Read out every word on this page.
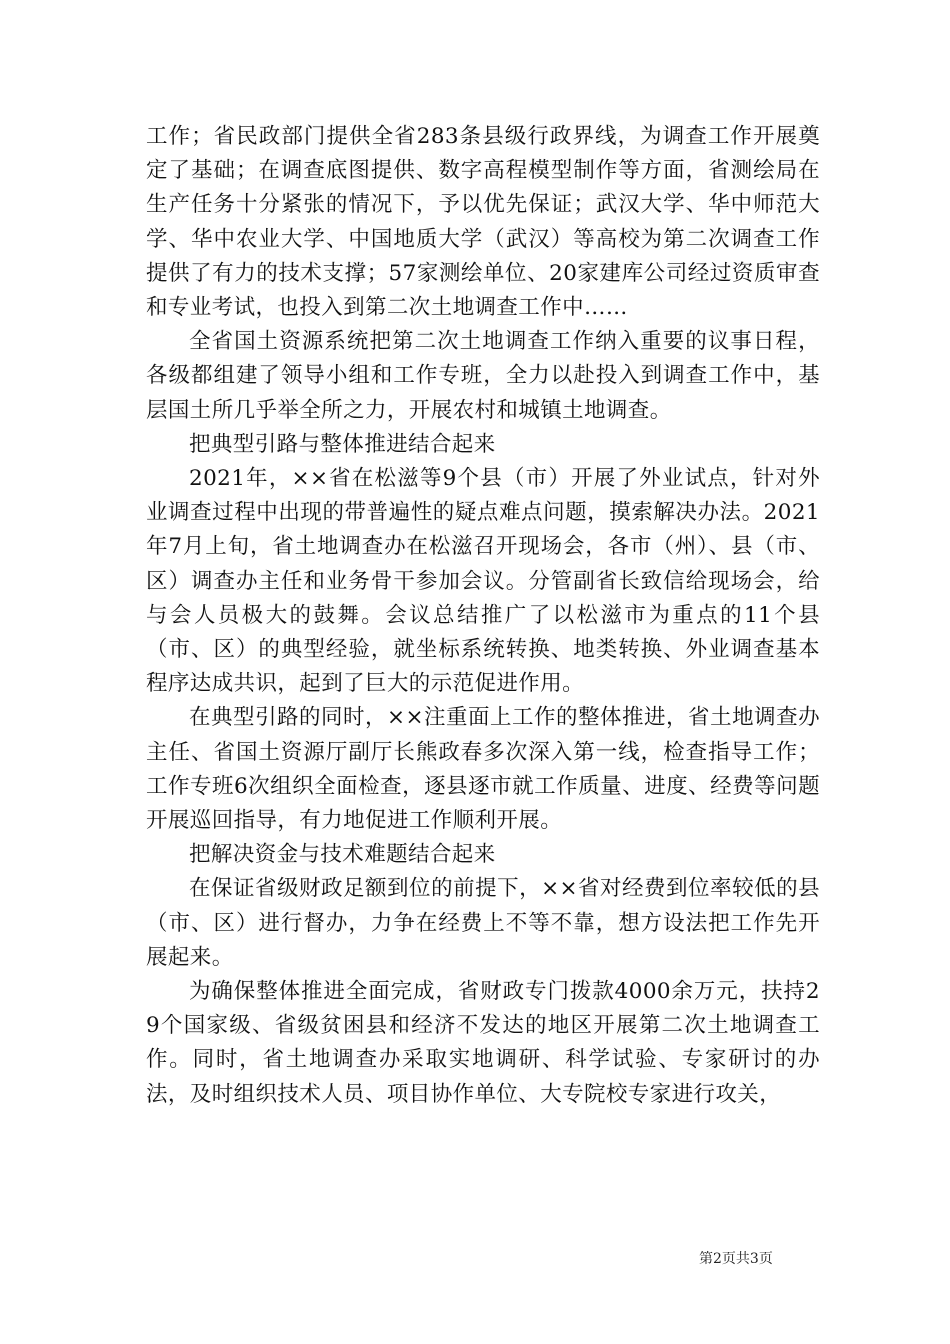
工作；省民政部门提供全省283条县级行政界线，为调查工作开展奠定了基础；在调查底图提供、数字高程模型制作等方面，省测绘局在生产任务十分紧张的情况下，予以优先保证；武汉大学、华中师范大学、华中农业大学、中国地质大学（武汉）等高校为第二次调查工作提供了有力的技术支撑；57家测绘单位、20家建库公司经过资质审查和专业考试，也投入到第二次土地调查工作中……

全省国土资源系统把第二次土地调查工作纳入重要的议事日程，各级都组建了领导小组和工作专班，全力以赴投入到调查工作中，基层国土所几乎举全所之力，开展农村和城镇土地调查。

把典型引路与整体推进结合起来

2021年，××省在松滋等9个县（市）开展了外业试点，针对外业调查过程中出现的带普遍性的疑点难点问题，摸索解决办法。2021年7月上旬，省土地调查办在松滋召开现场会，各市（州）、县（市、区）调查办主任和业务骨干参加会议。分管副省长致信给现场会，给与会人员极大的鼓舞。会议总结推广了以松滋市为重点的11个县（市、区）的典型经验，就坐标系统转换、地类转换、外业调查基本程序达成共识，起到了巨大的示范促进作用。

在典型引路的同时，××注重面上工作的整体推进，省土地调查办主任、省国土资源厅副厅长熊政春多次深入第一线，检查指导工作；工作专班6次组织全面检查，逐县逐市就工作质量、进度、经费等问题开展巡回指导，有力地促进工作顺利开展。

把解决资金与技术难题结合起来

在保证省级财政足额到位的前提下，××省对经费到位率较低的县（市、区）进行督办，力争在经费上不等不靠，想方设法把工作先开展起来。

为确保整体推进全面完成，省财政专门拨款4000余万元，扶持29个国家级、省级贫困县和经济不发达的地区开展第二次土地调查工作。同时，省土地调查办采取实地调研、科学试验、专家研讨的办法，及时组织技术人员、项目协作单位、大专院校专家进行攻关，

第2页共3页
